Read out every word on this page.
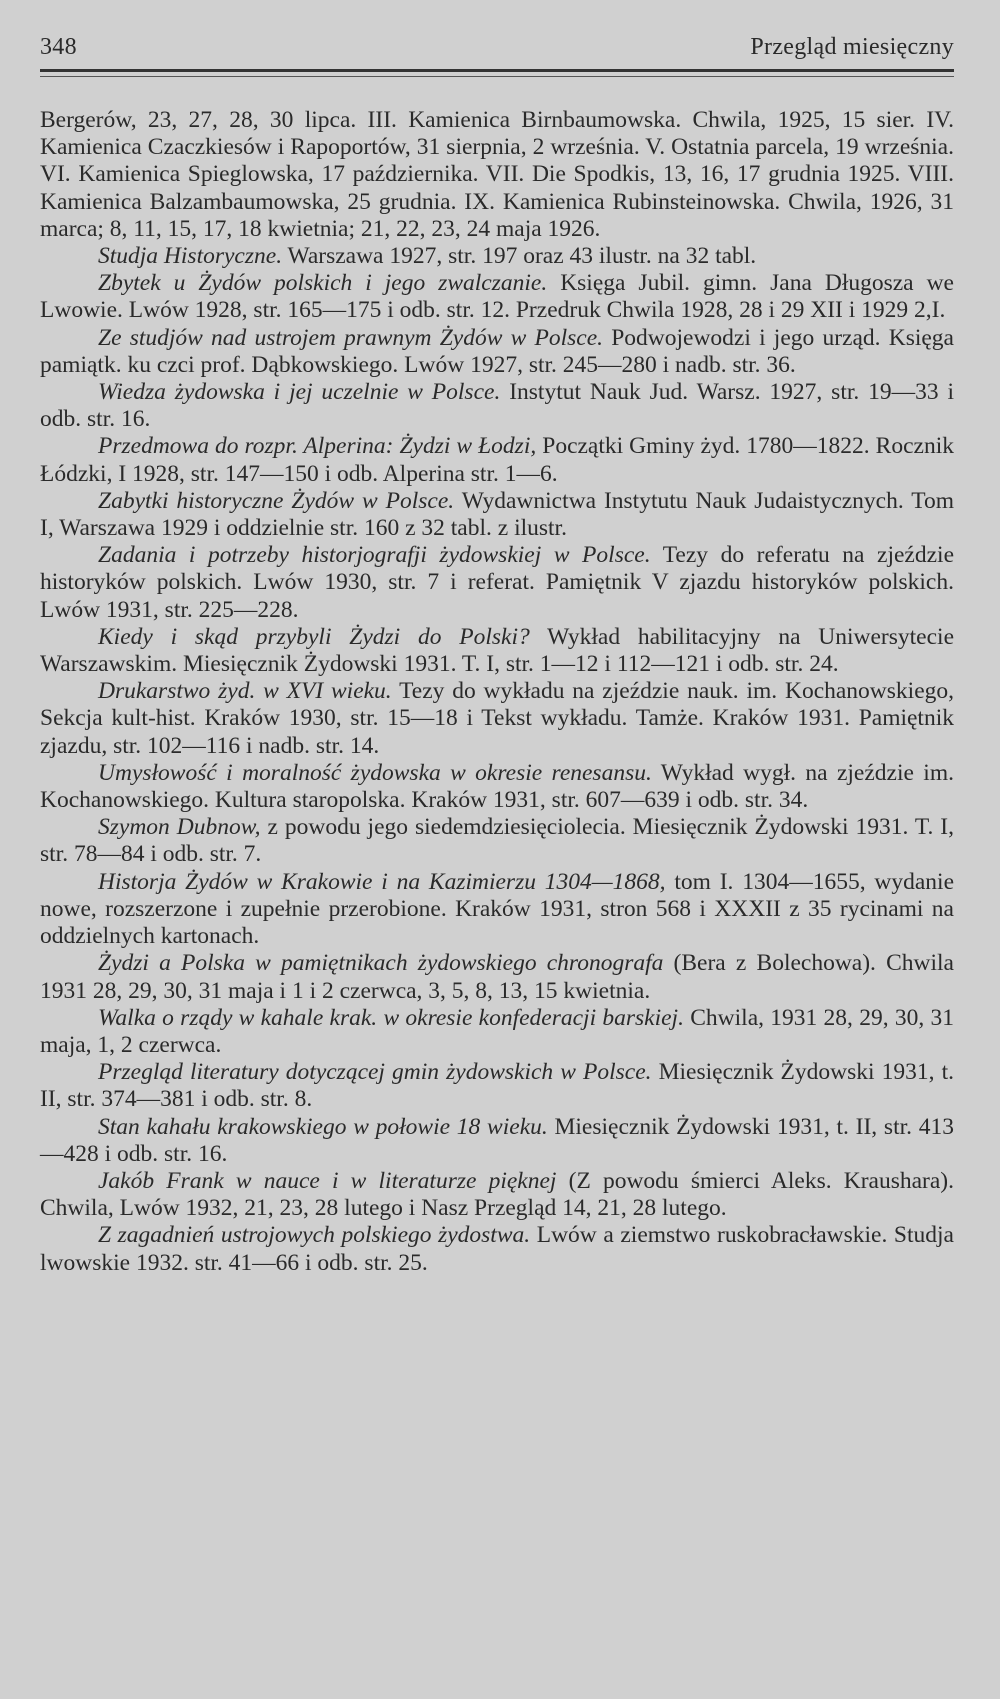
348	Przegląd miesięczny

Bergerów, 23, 27, 28, 30 lipca. III. Kamienica Birnbaumowska. Chwila, 1925, 15 sier. IV. Kamienica Czaczkiesów i Rapoportów, 31 sierpnia, 2 września. V. Ostatnia parcela, 19 września. VI. Kamienica Spieglowska, 17 października. VII. Die Spodkis, 13, 16, 17 grudnia 1925. VIII. Kamienica Balzambaumowska, 25 grudnia. IX. Kamienica Rubinsteinowska. Chwila, 1926, 31 marca; 8, 11, 15, 17, 18 kwietnia; 21, 22, 23, 24 maja 1926.

Studja Historyczne. Warszawa 1927, str. 197 oraz 43 ilustr. na 32 tabl.

Zbytek u Żydów polskich i jego zwalczanie. Księga Jubil. gimn. Jana Długosza we Lwowie. Lwów 1928, str. 165—175 i odb. str. 12. Przedruk Chwila 1928, 28 i 29 XII i 1929 2,I.

Ze studjów nad ustrojem prawnym Żydów w Polsce. Podwojewodzi i jego urząd. Księga pamiątk. ku czci prof. Dąbkowskiego. Lwów 1927, str. 245—280 i nadb. str. 36.

Wiedza żydowska i jej uczelnie w Polsce. Instytut Nauk Jud. Warsz. 1927, str. 19—33 i odb. str. 16.

Przedmowa do rozpr. Alperina: Żydzi w Łodzi, Początki Gminy żyd. 1780—1822. Rocznik Łódzki, I 1928, str. 147—150 i odb. Alperina str. 1—6.

Zabytki historyczne Żydów w Polsce. Wydawnictwa Instytutu Nauk Judaistycznych. Tom I, Warszawa 1929 i oddzielnie str. 160 z 32 tabl. z ilustr.

Zadania i potrzeby historjografji żydowskiej w Polsce. Tezy do referatu na zjeździe historyków polskich. Lwów 1930, str. 7 i referat. Pamiętnik V zjazdu historyków polskich. Lwów 1931, str. 225—228.

Kiedy i skąd przybyli Żydzi do Polski? Wykład habilitacyjny na Uniwersytecie Warszawskim. Miesięcznik Żydowski 1931. T. I, str. 1—12 i 112—121 i odb. str. 24.

Drukarstwo żyd. w XVI wieku. Tezy do wykładu na zjeździe nauk. im. Kochanowskiego, Sekcja kult-hist. Kraków 1930, str. 15—18 i Tekst wykładu. Tamże. Kraków 1931. Pamiętnik zjazdu, str. 102—116 i nadb. str. 14.

Umysłowość i moralność żydowska w okresie renesansu. Wykład wygł. na zjeździe im. Kochanowskiego. Kultura staropolska. Kraków 1931, str. 607—639 i odb. str. 34.

Szymon Dubnow, z powodu jego siedemdziesięciolecia. Miesięcznik Żydowski 1931. T. I, str. 78—84 i odb. str. 7.

Historja Żydów w Krakowie i na Kazimierzu 1304—1868, tom I. 1304—1655, wydanie nowe, rozszerzone i zupełnie przerobione. Kraków 1931, stron 568 i XXXII z 35 rycinami na oddzielnych kartonach.

Żydzi a Polska w pamiętnikach żydowskiego chronografa (Bera z Bolechowa). Chwila 1931 28, 29, 30, 31 maja i 1 i 2 czerwca, 3, 5, 8, 13, 15 kwietnia.

Walka o rządy w kahale krak. w okresie konfederacji barskiej. Chwila, 1931 28, 29, 30, 31 maja, 1, 2 czerwca.

Przegląd literatury dotyczącej gmin żydowskich w Polsce. Miesięcznik Żydowski 1931, t. II, str. 374—381 i odb. str. 8.

Stan kahału krakowskiego w połowie 18 wieku. Miesięcznik Żydowski 1931, t. II, str. 413—428 i odb. str. 16.

Jakób Frank w nauce i w literaturze pięknej (Z powodu śmierci Aleks. Kraushara). Chwila, Lwów 1932, 21, 23, 28 lutego i Nasz Przegląd 14, 21, 28 lutego.

Z zagadnień ustrojowych polskiego żydostwa. Lwów a ziemstwo ruskobracławskie. Studja lwowskie 1932. str. 41—66 i odb. str. 25.
